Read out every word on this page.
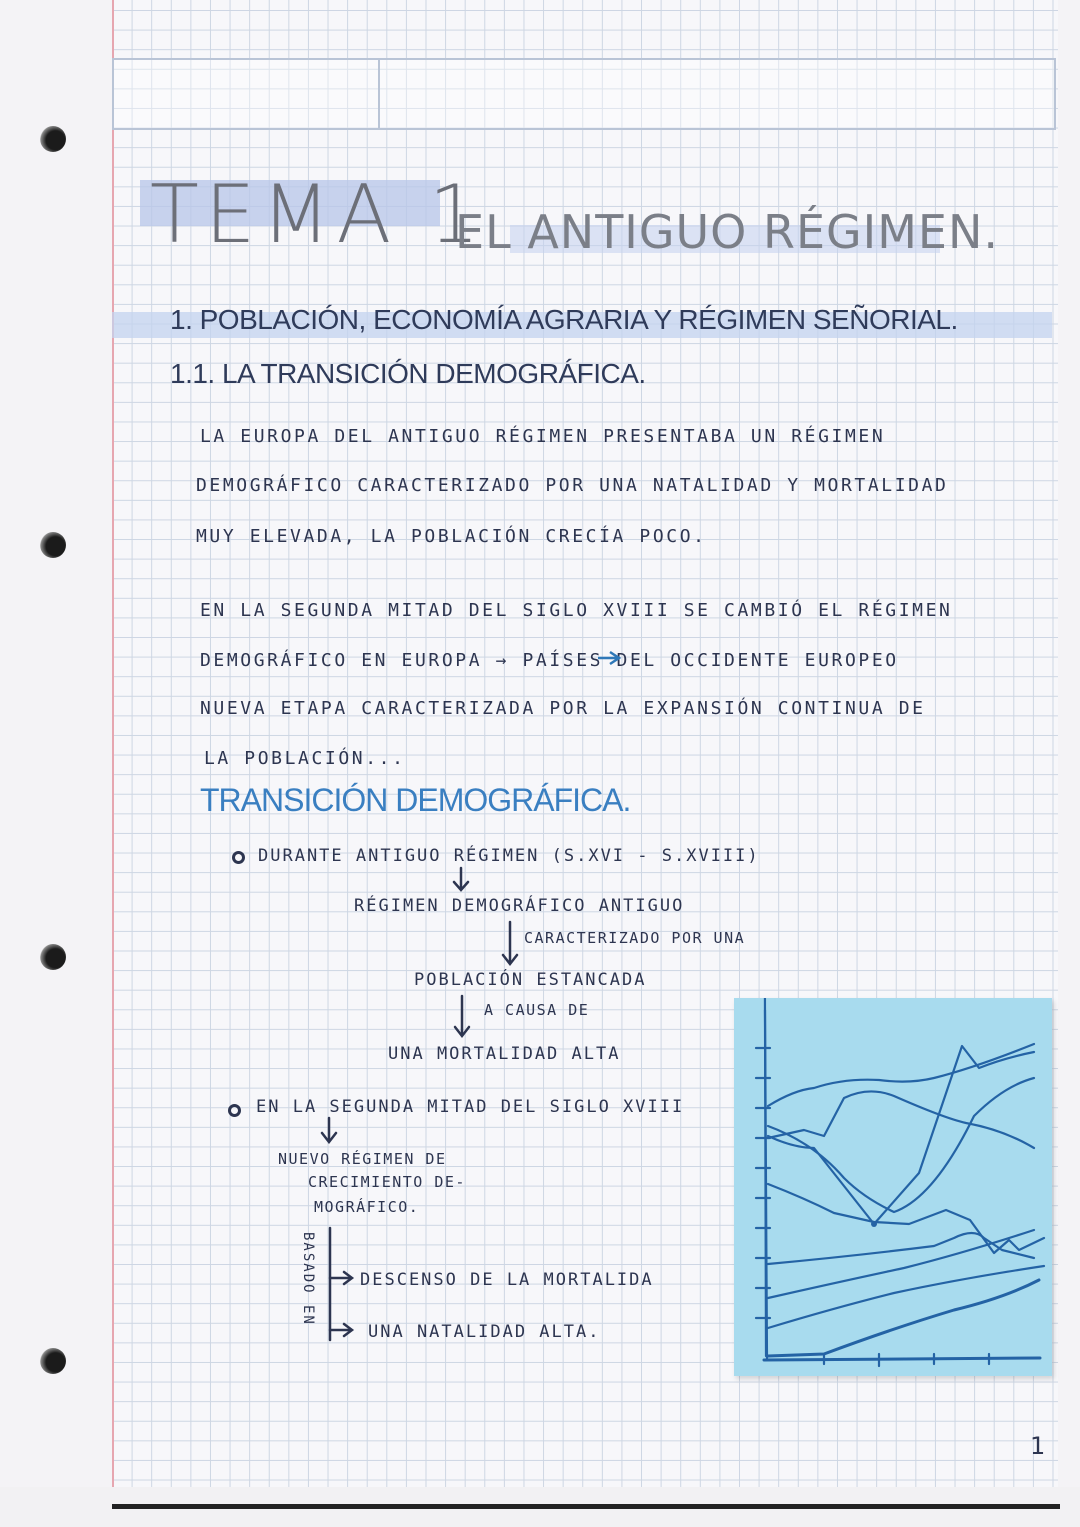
TEMA 1
EL ANTIGUO RÉGIMEN.
1. POBLACIÓN, ECONOMÍA AGRARIA Y RÉGIMEN SEÑORIAL.
1.1. LA TRANSICIÓN DEMOGRÁFICA.
LA EUROPA DEL ANTIGUO RÉGIMEN PRESENTABA UN RÉGIMEN
DEMOGRÁFICO CARACTERIZADO POR UNA NATALIDAD Y MORTALIDAD
MUY ELEVADA, LA POBLACIÓN CRECÍA POCO.
EN LA SEGUNDA MITAD DEL SIGLO XVIII SE CAMBIÓ EL RÉGIMEN
DEMOGRÁFICO EN EUROPA → PAÍSES DEL OCCIDENTE EUROPEO
NUEVA ETAPA CARACTERIZADA POR LA EXPANSIÓN CONTINUA DE
LA POBLACIÓN...
TRANSICIÓN DEMOGRÁFICA.
DURANTE ANTIGUO RÉGIMEN (S.XVI - S.XVIII)
RÉGIMEN DEMOGRÁFICO ANTIGUO
CARACTERIZADO POR UNA
POBLACIÓN ESTANCADA
A CAUSA DE
UNA MORTALIDAD ALTA
EN LA SEGUNDA MITAD DEL SIGLO XVIII
NUEVO RÉGIMEN DE
CRECIMIENTO DE-
MOGRÁFICO.
BASADO EN	DESCENSO DE LA MORTALIDA
UNA NATALIDAD ALTA.
1
